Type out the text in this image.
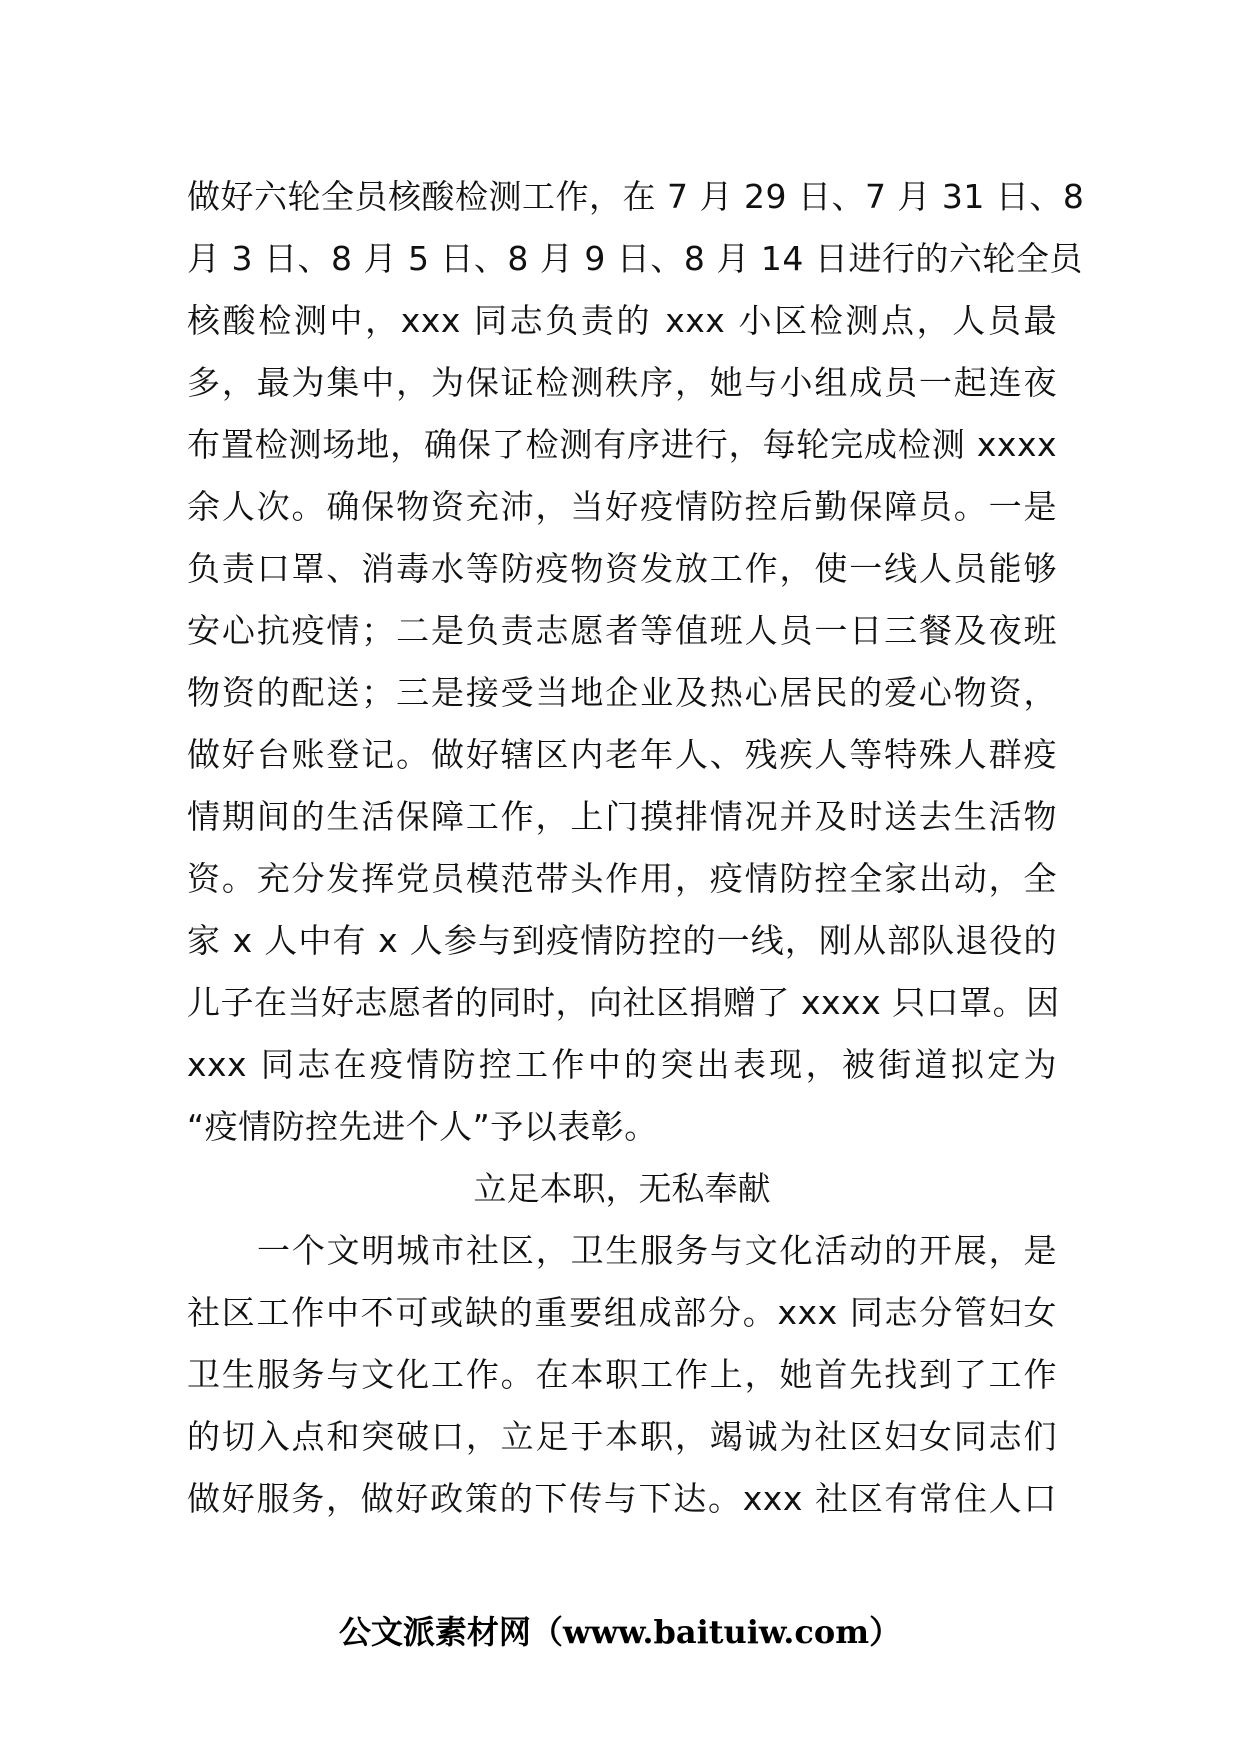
做好六轮全员核酸检测工作，在 7 月 29 日、7 月 31 日、8
月 3 日、8 月 5 日、8 月 9 日、8 月 14 日进行的六轮全员
核酸检测中，xxx 同志负责的 xxx 小区检测点，人员最
多，最为集中，为保证检测秩序，她与小组成员一起连夜
布置检测场地，确保了检测有序进行，每轮完成检测 xxxx
余人次。确保物资充沛，当好疫情防控后勤保障员。一是
负责口罩、消毒水等防疫物资发放工作，使一线人员能够
安心抗疫情；二是负责志愿者等值班人员一日三餐及夜班
物资的配送；三是接受当地企业及热心居民的爱心物资，
做好台账登记。做好辖区内老年人、残疾人等特殊人群疫
情期间的生活保障工作，上门摸排情况并及时送去生活物
资。充分发挥党员模范带头作用，疫情防控全家出动，全
家 x 人中有 x 人参与到疫情防控的一线，刚从部队退役的
儿子在当好志愿者的同时，向社区捐赠了 xxxx 只口罩。因
xxx 同志在疫情防控工作中的突出表现，被街道拟定为
“疫情防控先进个人”予以表彰。
立足本职，无私奉献
一个文明城市社区，卫生服务与文化活动的开展，是
社区工作中不可或缺的重要组成部分。xxx 同志分管妇女
卫生服务与文化工作。在本职工作上，她首先找到了工作
的切入点和突破口，立足于本职，竭诚为社区妇女同志们
做好服务，做好政策的下传与下达。xxx 社区有常住人口
公文派素材网（www.baituiw.com）
